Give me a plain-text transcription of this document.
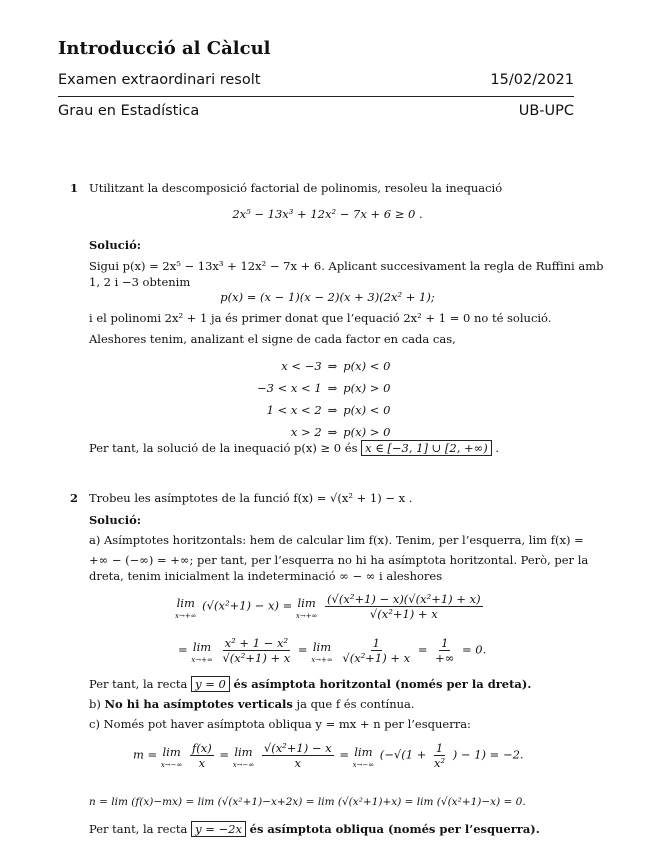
Introducció al Càlcul
Examen extraordinari resolt	15/02/2021
Grau en Estadística	UB-UPC
1 Utilitzant la descomposició factorial de polinomis, resoleu la inequació
2x⁵ − 13x³ + 12x² − 7x + 6 ≥ 0 .
Solució:
Sigui p(x) = 2x⁵ − 13x³ + 12x² − 7x + 6. Aplicant succesivament la regla de Ruffini amb
1, 2 i −3 obtenim
p(x) = (x − 1)(x − 2)(x + 3)(2x² + 1);
i el polinomi 2x² + 1 ja és primer donat que l’equació 2x² + 1 = 0 no té solució.
Aleshores tenim, analizant el signe de cada factor en cada cas,
x < −3	⇒	p(x) < 0
−3 < x < 1	⇒	p(x) > 0
1 < x < 2	⇒	p(x) < 0
x > 2	⇒	p(x) > 0
Per tant, la solució de la inequació p(x) ≥ 0 és x ∈ [−3, 1] ∪ [2, +∞) .
2 Trobeu les asímptotes de la funció f(x) = √(x² + 1) − x .
Solució:
a) Asímptotes horitzontals: hem de calcular lim f(x). Tenim, per l’esquerra, lim f(x) =
+∞ − (−∞) = +∞; per tant, per l’esquerra no hi ha asímptota horitzontal. Però, per la
dreta, tenim inicialment la indeterminació ∞ − ∞ i aleshores
lim
x→+∞
(√(x²+1) − x) = lim
x→+∞
$\frac{\text{(√(x²+1) − x)(√(x²+1) + x)}}{\text{√(x²+1) + x}}$
= lim
x→+∞
$\frac{\text{x² + 1 − x²}}{\text{√(x²+1) + x}} = \lim$
x→+∞
$\frac{1}{\text{√(x²+1) + x}} = \frac{1}{+\infty} = 0$.
Per tant, la recta y = 0 és asímptota horitzontal (només per la dreta).
b) No hi ha asímptotes verticals ja que f és contínua.
c) Només pot haver asímptota obliqua y = mx + n per l’esquerra:
m = lim
x→−∞
$\frac{f(x)}{x} = \lim$
x→−∞
$\frac{\text{√(x²+1) − x}}{x} = \lim$
x→−∞
($-√(1 + \frac{1}{\text{x²}}$ ) − 1) = −2.
n = lim (f(x)−mx) = lim (√(x²+1)−x+2x) = lim (√(x²+1)+x) = lim (√(x²+1)−x) = 0.
Per tant, la recta y = −2x és asímptota obliqua (només per l’esquerra).
